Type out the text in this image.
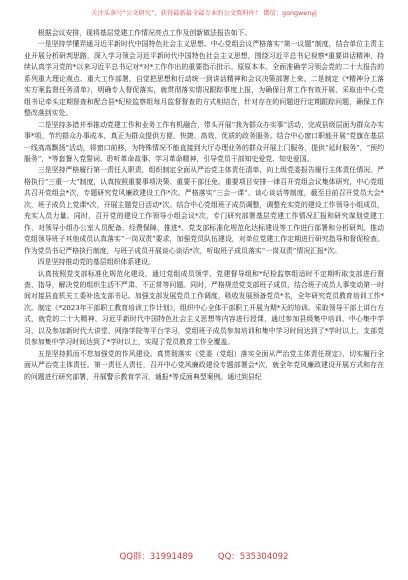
关注头条号“公文研究”，获得最新最全最专业的公文资料库！ 微信：gongwenyj

根据会议安排，现将基层党建工作情况亮点工作及创新做法报告如下。

一是坚持学懂弄通习近平新时代中国特色社会主义思想。中心党组会议严格落实“第一议题”制度，结合单位主责主业开展分析研判思路，深入学习领会习近平新时代中国特色社会主义思想，围绕习近平总书记视察*重要讲话精神，持续认真学习党的*以来习近平总书记对*对*工作作出的重要指示批示。原原本本、全面准确学习领会党的二十大报告的系列重大理论观点、重大工作部署，自觉把思想和行动统一到讲话精神和会议决策部署上来。二是制定《*精神分工落实方案监督任务清单》，明确专人督促落实，就贯彻落实情况跟踪事度上报，为确保日常工作有效开展，采取由中心党组书记牵头定期督查和配合县*纪检监察组每月监督督查的方式相结合，针对存在的问题进行定期跟踪问题，确保工作整改落到实处。

二是坚持多措并举推动党建工作和业务工作有机融合，带头开展“我为群众办实事”活动，完成县级层面为群众办实事*项、节约群众办事成本，真正为群众提供方便、快捷、高效、优质的政务服务。结合中心窗口职能开展“党旗在基层一线高高飘扬”活动，将窗口前移，为特殊情况不能直接到大厅办理业务的群众开展上门服务，提供“延时服务”，“预约服务”，*等套餐入党誓词、聆听革命故事、学习革命精神，引导党员干部知史爱党、知史爱国。

三是坚持严格履行第一责任人职责，组织制定全面从严治党主体责任清单，向上级党委报告履行主体责任情况。严格执行“三重一大”制度，认真按照重要事项决策、重要干部任免、重要项目安排一律召开党组会议集体研究，中心党组共召开党组会*次，专题研究党风廉政建设工作*次。严格落实“三会一课”、谈心谈话等制度，截至目前召开党员大会*次，班子成员上党课*次，开展主题党日活动*次。结合中心党组班子成员调整，调整充实党的建设工作领导小组成员，充实人员力量。同时，召开党的建设工作领导小组会议*次，专门研究部署基层党建工作情况汇报和研究谋划党建工作，对领导小组办公室人员配备、经费保障、推进*、党支部标准化规范化达标建设等工作进行部署和分析研判。推动党组领导班子其他成员认真落实“一岗双责”要求，加强党员队伍建设，对单位党建工作定期进行研究指导和督促检查。作为党员书记严格执行制度，与班子成员开展谈心谈话*次，听取班子成员落实“一岗双责”情况汇报*次。

四是坚持推动党的基层组织体系建设。

认真按照党支部标准化规范化建设，通过党组成员领学，党建督导组和*纪检监察组适时不定期听取支部进行督查、指导，解决党的组织生活不严肃、不正常等问题。同时，严格规范党支部班子成员，结合班子成员人事变动第一时间对接县直机关工委补选支部书记。加强支部发展党员工作调度，吸收发展预备党员*名，全年研究党员教育培训工作*次。制定《*2023年干部职工教育培训工作计划》，组织中心全体干部职工开展为期*天的培训。采取领导干部上讲台方式，就党的二十大精神、习近平新时代中国特色社会主义思想等内容进行授课，通过参加县级集中培训、中心集中学习，以及参加新时代大讲堂、网络学院等平台学习，党组班子成员参加培训和集中学习时间达到了*学时以上，支部党员参加集中学习时间达到了*学时以上，实现了党员教育工作全覆盖。

五是坚持抓而不怠加强党的作风建设。真贯彻落实《党委（党组）落实全面从严治党主体责任规定》，切实履行全面从严治党主体责任。第一责任人责任，召开中心党风廉政建设专题部署会*次，就全年党风廉政建设开展方式和存在的问题进行研究部署，开展警示教育学习，通报*等反面典型案例。通过到县纪

QQ群：31991489	QQ：535304092
